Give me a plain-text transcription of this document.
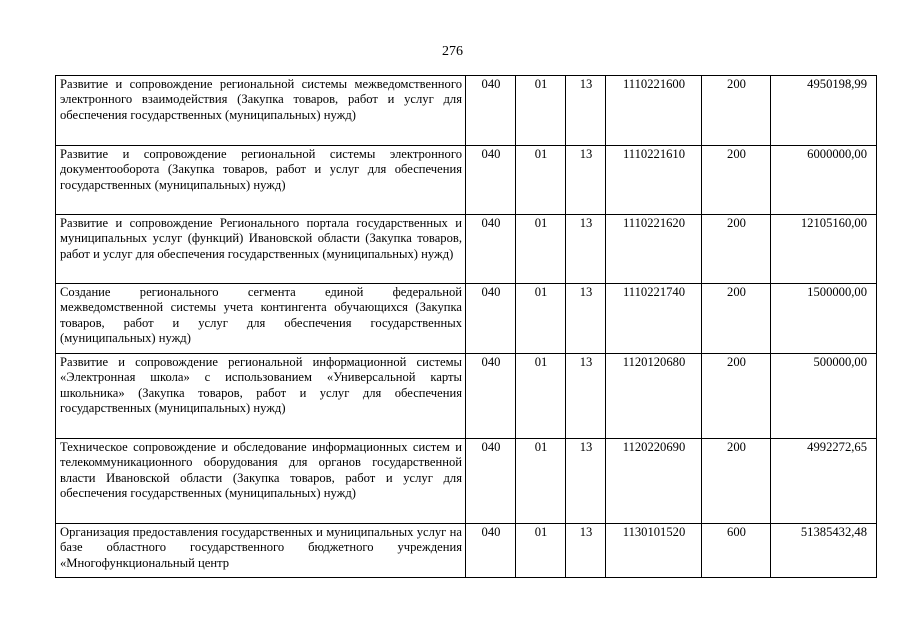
276
Развитие и сопровождение региональной системы межведомственного электронного взаимодействия (Закупка товаров, работ и услуг для обеспечения государственных (муниципальных) нужд)	040	01	13	1110221600	200	4950198,99
Развитие и сопровождение региональной системы электронного документооборота (Закупка товаров, работ и услуг для обеспечения государственных (муниципальных) нужд)	040	01	13	1110221610	200	6000000,00
Развитие и сопровождение Регионального портала государственных и муниципальных услуг (функций) Ивановской области (Закупка товаров, работ и услуг для обеспечения государственных (муниципальных) нужд)	040	01	13	1110221620	200	12105160,00
Создание регионального сегмента единой федеральной межведомственной системы учета контингента обучающихся (Закупка товаров, работ и услуг для обеспечения государственных (муниципальных) нужд)	040	01	13	1110221740	200	1500000,00
Развитие и сопровождение региональной информационной системы «Электронная школа» с использованием «Универсальной карты школьника» (Закупка товаров, работ и услуг для обеспечения государственных (муниципальных) нужд)	040	01	13	1120120680	200	500000,00
Техническое сопровождение и обследование информационных систем и телекоммуникационного оборудования для органов государственной власти Ивановской области (Закупка товаров, работ и услуг для обеспечения государственных (муниципальных) нужд)	040	01	13	1120220690	200	4992272,65
Организация предоставления государственных и муниципальных услуг на базе областного государственного бюджетного учреждения «Многофункциональный центр	040	01	13	1130101520	600	51385432,48
